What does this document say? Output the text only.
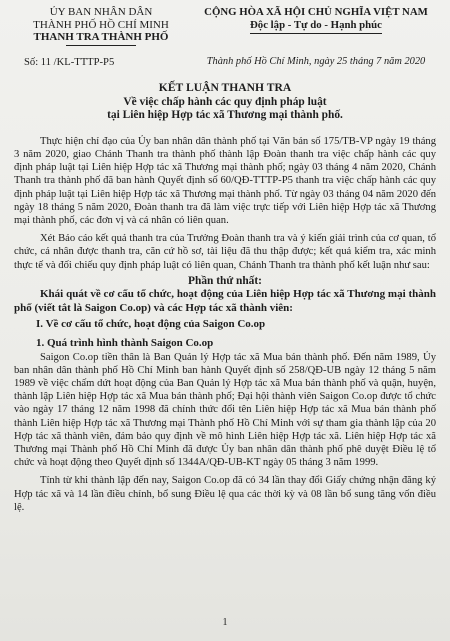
ỦY BAN NHÂN DÂN
THÀNH PHỐ HỒ CHÍ MINH
THANH TRA THÀNH PHỐ
CỘNG HÒA XÃ HỘI CHỦ NGHĨA VIỆT NAM
Độc lập - Tự do - Hạnh phúc
Số: 11 /KL-TTTP-P5	Thành phố Hồ Chí Minh, ngày 25 tháng 7 năm 2020
KẾT LUẬN THANH TRA
Về việc chấp hành các quy định pháp luật
tại Liên hiệp Hợp tác xã Thương mại thành phố.

Thực hiện chỉ đạo của Ủy ban nhân dân thành phố tại Văn bản số 175/TB-VP ngày 19 tháng 3 năm 2020, giao Chánh Thanh tra thành phố thành lập Đoàn thanh tra việc chấp hành các quy định pháp luật tại Liên hiệp Hợp tác xã Thương mại thành phố; ngày 03 tháng 4 năm 2020, Chánh Thanh tra thành phố đã ban hành Quyết định số 60/QĐ-TTTP-P5 thanh tra việc chấp hành các quy định pháp luật tại Liên hiệp Hợp tác xã Thương mại thành phố. Từ ngày 03 tháng 04 năm 2020 đến ngày 18 tháng 5 năm 2020, Đoàn thanh tra đã làm việc trực tiếp với Liên hiệp Hợp tác xã Thương mại thành phố, các đơn vị và cá nhân có liên quan.

Xét Báo cáo kết quả thanh tra của Trưởng Đoàn thanh tra và ý kiến giải trình của cơ quan, tổ chức, cá nhân được thanh tra, căn cứ hồ sơ, tài liệu đã thu thập được; kết quả kiểm tra, xác minh thực tế và đối chiếu quy định pháp luật có liên quan, Chánh Thanh tra thành phố kết luận như sau:

Phần thứ nhất:

Khái quát về cơ cấu tổ chức, hoạt động của Liên hiệp Hợp tác xã Thương mại thành phố (viết tắt là Saigon Co.op) và các Hợp tác xã thành viên:

I. Về cơ cấu tổ chức, hoạt động của Saigon Co.op
1. Quá trình hình thành Saigon Co.op

Saigon Co.op tiền thân là Ban Quản lý Hợp tác xã Mua bán thành phố. Đến năm 1989, Ủy ban nhân dân thành phố Hồ Chí Minh ban hành Quyết định số 258/QĐ-UB ngày 12 tháng 5 năm 1989 về việc chấm dứt hoạt động của Ban Quản lý Hợp tác xã Mua bán thành phố và quận, huyện, thành lập Liên hiệp Hợp tác xã Mua bán thành phố; Đại hội thành viên Saigon Co.op được tổ chức vào ngày 17 tháng 12 năm 1998 đã chính thức đổi tên Liên hiệp Hợp tác xã Mua bán thành phố thành Liên hiệp Hợp tác xã Thương mại Thành phố Hồ Chí Minh với sự tham gia thành lập của 20 Hợp tác xã thành viên, đảm bảo quy định về mô hình Liên hiệp Hợp tác xã. Liên hiệp Hợp tác xã Thương mại Thành phố Hồ Chí Minh đã được Ủy ban nhân dân thành phố phê duyệt Điều lệ tổ chức và hoạt động theo Quyết định số 1344A/QĐ-UB-KT ngày 05 tháng 3 năm 1999.

Tính từ khi thành lập đến nay, Saigon Co.op đã có 34 lần thay đổi Giấy chứng nhận đăng ký Hợp tác xã và 14 lần điều chỉnh, bổ sung Điều lệ qua các thời kỳ và 08 lần bổ sung tăng vốn điều lệ.

1
